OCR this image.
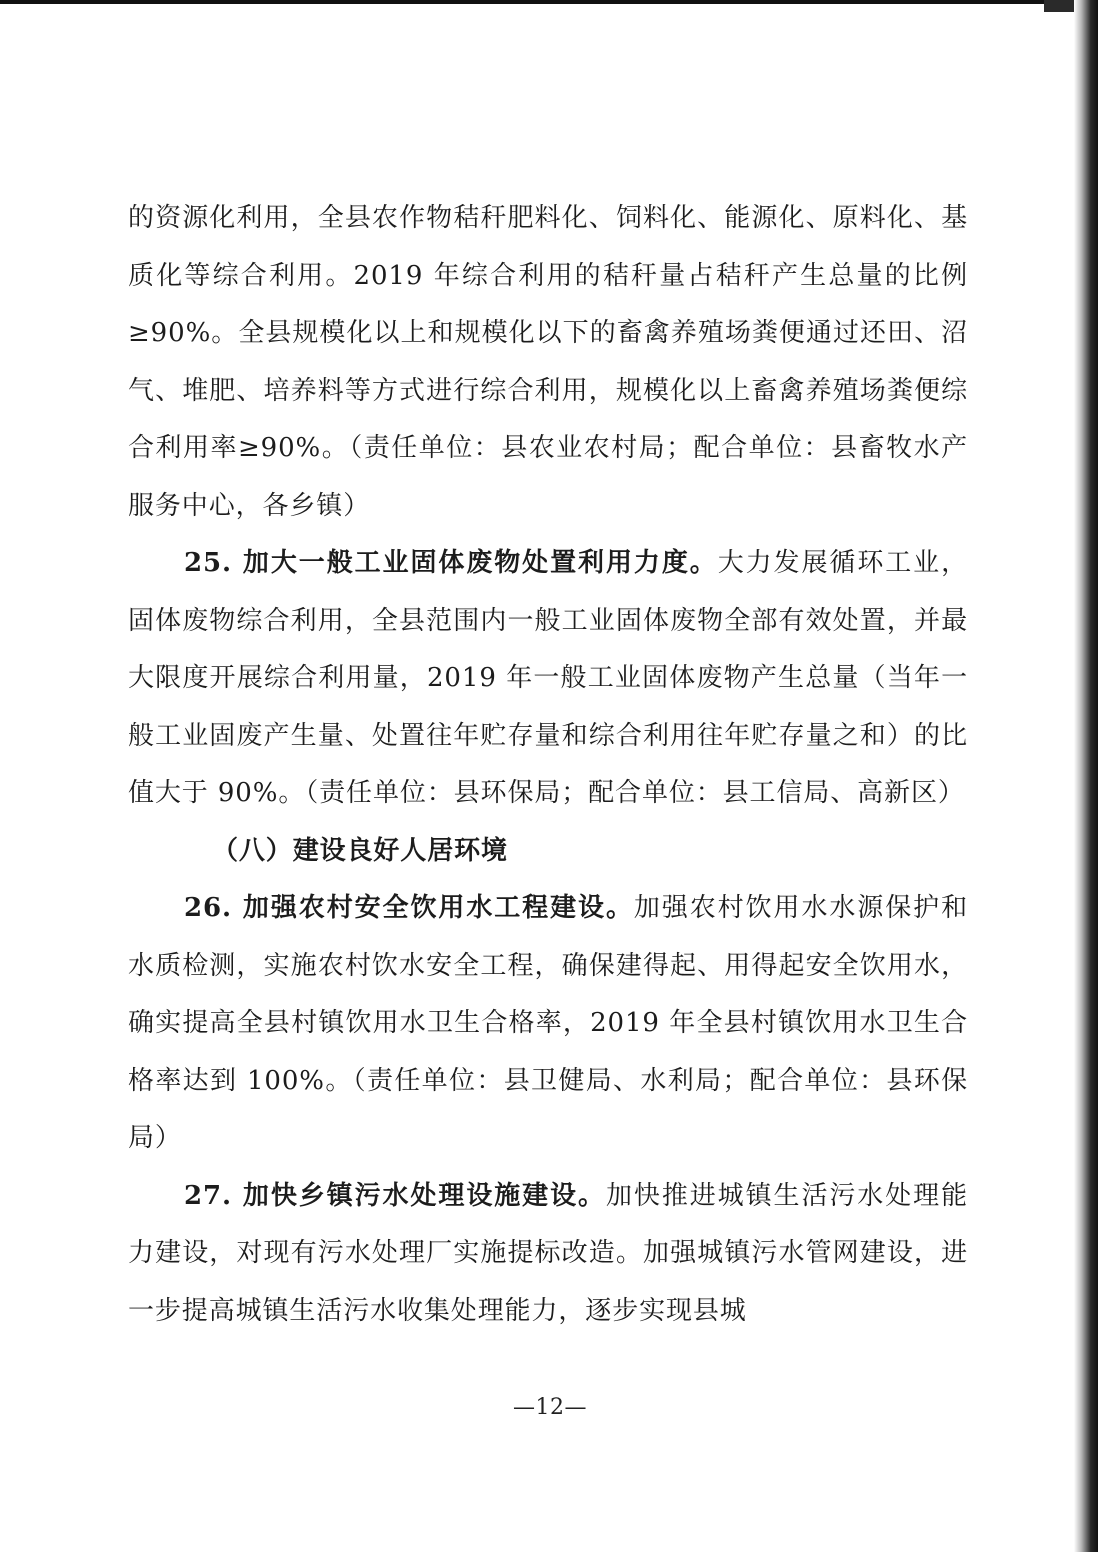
的资源化利用，全县农作物秸秆肥料化、饲料化、能源化、原料化、基质化等综合利用。2019 年综合利用的秸秆量占秸秆产生总量的比例≥90%。全县规模化以上和规模化以下的畜禽养殖场粪便通过还田、沼气、堆肥、培养料等方式进行综合利用，规模化以上畜禽养殖场粪便综合利用率≥90%。（责任单位：县农业农村局；配合单位：县畜牧水产服务中心，各乡镇）

25. 加大一般工业固体废物处置利用力度。大力发展循环工业，固体废物综合利用，全县范围内一般工业固体废物全部有效处置，并最大限度开展综合利用量，2019 年一般工业固体废物产生总量（当年一般工业固废产生量、处置往年贮存量和综合利用往年贮存量之和）的比值大于 90%。（责任单位：县环保局；配合单位：县工信局、高新区）

（八）建设良好人居环境

26. 加强农村安全饮用水工程建设。加强农村饮用水水源保护和水质检测，实施农村饮水安全工程，确保建得起、用得起安全饮用水，确实提高全县村镇饮用水卫生合格率，2019 年全县村镇饮用水卫生合格率达到 100%。（责任单位：县卫健局、水利局；配合单位：县环保局）

27. 加快乡镇污水处理设施建设。加快推进城镇生活污水处理能力建设，对现有污水处理厂实施提标改造。加强城镇污水管网建设，进一步提高城镇生活污水收集处理能力，逐步实现县城

—12—
